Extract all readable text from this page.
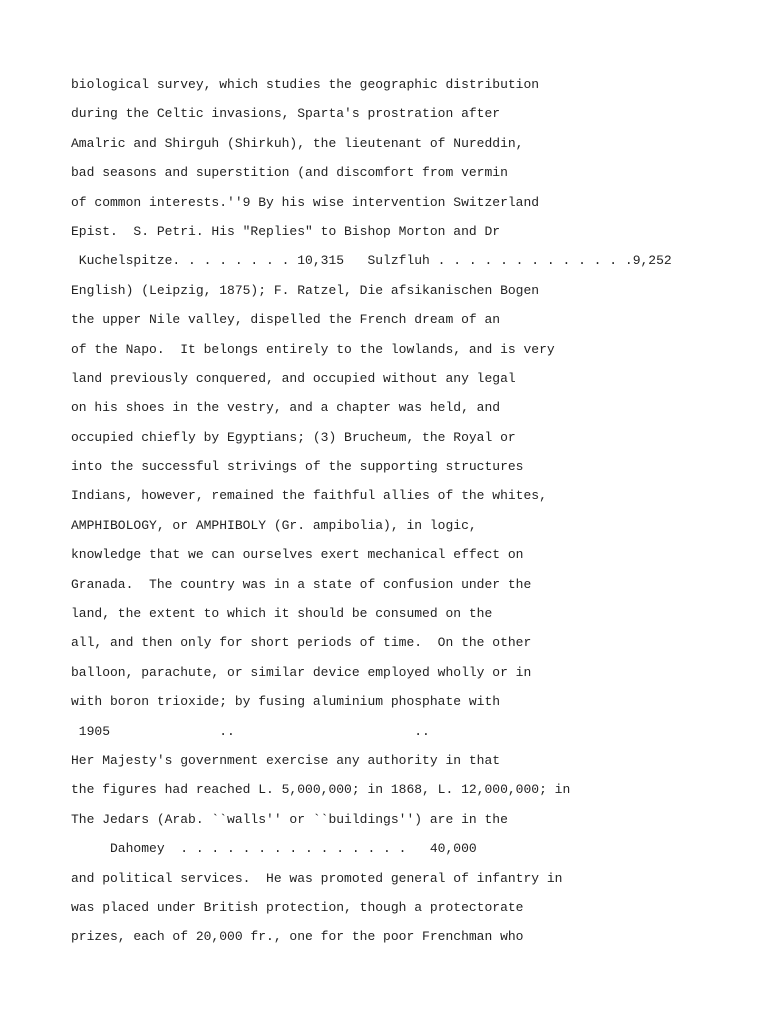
biological survey, which studies the geographic distribution
during the Celtic invasions, Sparta's prostration after
Amalric and Shirguh (Shirkuh), the lieutenant of Nureddin,
bad seasons and superstition (and discomfort from vermin
of common interests.''9 By his wise intervention Switzerland
Epist.  S. Petri. His "Replies" to Bishop Morton and Dr
Kuchelspitze. . . . . . . . 10,315   Sulzfluh . . . . . . . . . . . . .9,252
English) (Leipzig, 1875); F. Ratzel, Die afsikanischen Bogen
the upper Nile valley, dispelled the French dream of an
of the Napo.  It belongs entirely to the lowlands, and is very
land previously conquered, and occupied without any legal
on his shoes in the vestry, and a chapter was held, and
occupied chiefly by Egyptians; (3) Brucheum, the Royal or
into the successful strivings of the supporting structures
Indians, however, remained the faithful allies of the whites,
AMPHIBOLOGY, or AMPHIBOLY (Gr. ampibolia), in logic,
knowledge that we can ourselves exert mechanical effect on
Granada.  The country was in a state of confusion under the
land, the extent to which it should be consumed on the
all, and then only for short periods of time.  On the other
balloon, parachute, or similar device employed wholly or in
with boron trioxide; by fusing aluminium phosphate with
1905              ..                       ..
Her Majesty's government exercise any authority in that
the figures had reached L. 5,000,000; in 1868, L. 12,000,000; in
The Jedars (Arab. ``walls'' or ``buildings'') are in the
Dahomey  . . . . . . . . . . . . . . .   40,000
and political services.  He was promoted general of infantry in
was placed under British protection, though a protectorate
prizes, each of 20,000 fr., one for the poor Frenchman who
